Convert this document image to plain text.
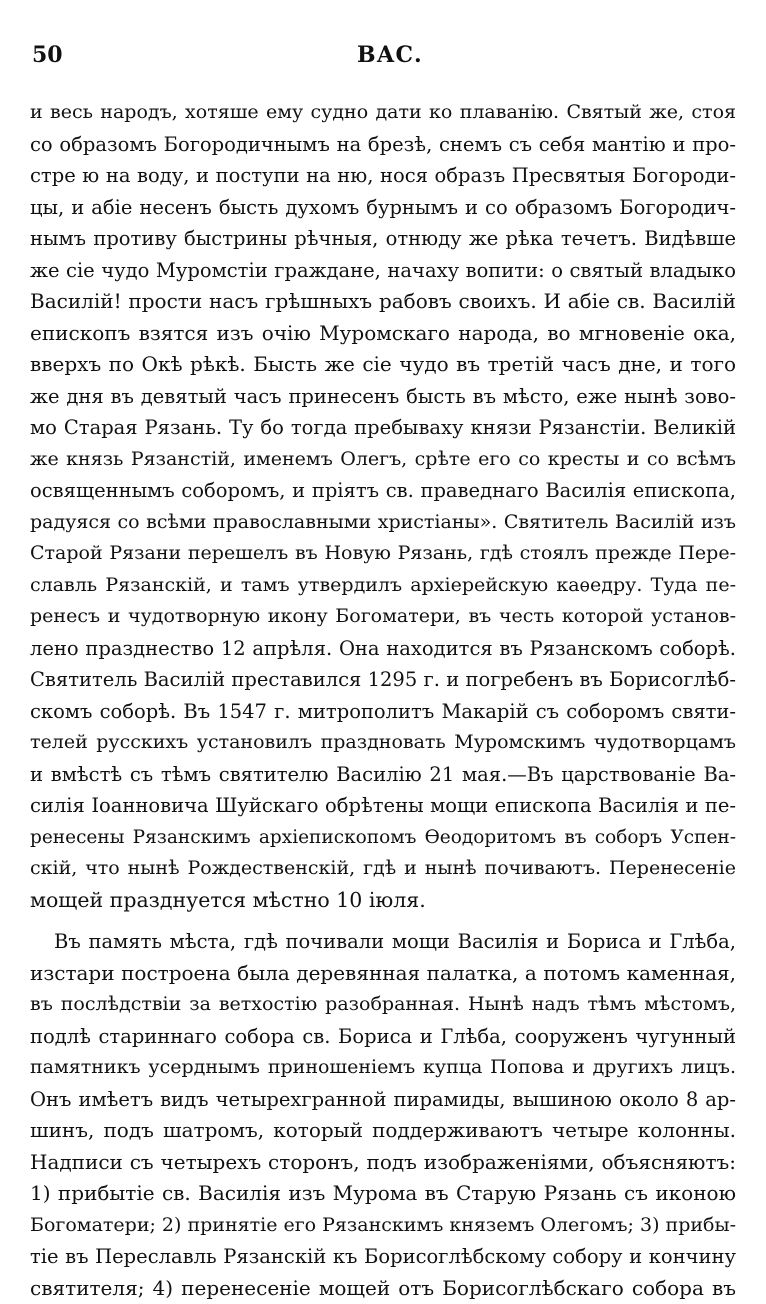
50	ВАС.
и весь народъ, хотяше ему судно дати ко плаванію. Святый же, стоя
со образомъ Богородичнымъ на брезѣ, снемъ съ себя мантію и про-
стре ю на воду, и поступи на ню, нося образъ Пресвятыя Богороди-
цы, и абіе несенъ бысть духомъ бурнымъ и со образомъ Богородич-
нымъ противу быстрины рѣчныя, отнюду же рѣка течетъ. Видѣвше
же сіе чудо Муромстіи граждане, начаху вопити: о святый владыко
Василій! прости насъ грѣшныхъ рабовъ своихъ. И абіе св. Василій
епископъ взятся изъ очію Муромскаго народа, во мгновеніе ока,
вверхъ по Окѣ рѣкѣ. Бысть же сіе чудо въ третій часъ дне, и того
же дня въ девятый часъ принесенъ бысть въ мѣсто, еже нынѣ зово-
мо Старая Рязань. Ту бо тогда пребываху князи Рязанстіи. Великій
же князь Рязанстій, именемъ Олегъ, срѣте его со кресты и со всѣмъ
освященнымъ соборомъ, и пріятъ св. праведнаго Василія епископа,
радуяся со всѣми православными христіаны». Святитель Василій изъ
Старой Рязани перешелъ въ Новую Рязань, гдѣ стоялъ прежде Пере-
славль Рязанскій, и тамъ утвердилъ архіерейскую каѳедру. Туда пе-
ренесъ и чудотворную икону Богоматери, въ честь которой установ-
лено празднество 12 апрѣля. Она находится въ Рязанскомъ соборѣ.
Святитель Василій преставился 1295 г. и погребенъ въ Борисоглѣб-
скомъ соборѣ. Въ 1547 г. митрополитъ Макарій съ соборомъ святи-
телей русскихъ установилъ праздновать Муромскимъ чудотворцамъ
и вмѣстѣ съ тѣмъ святителю Василію 21 мая.—Въ царствованіе Ва-
силія Іоанновича Шуйскаго обрѣтены мощи епископа Василія и пе-
ренесены Рязанскимъ архіепископомъ Ѳеодоритомъ въ соборъ Успен-
скій, что нынѣ Рождественскій, гдѣ и нынѣ почиваютъ. Перенесеніе
мощей празднуется мѣстно 10 іюля.
Въ память мѣста, гдѣ почивали мощи Василія и Бориса и Глѣба,
изстари построена была деревянная палатка, а потомъ каменная,
въ послѣдствіи за ветхостію разобранная. Нынѣ надъ тѣмъ мѣстомъ,
подлѣ стариннаго собора св. Бориса и Глѣба, сооруженъ чугунный
памятникъ усерднымъ приношеніемъ купца Попова и другихъ лицъ.
Онъ имѣетъ видъ четырехгранной пирамиды, вышиною около 8 ар-
шинъ, подъ шатромъ, который поддерживаютъ четыре колонны.
Надписи съ четырехъ сторонъ, подъ изображеніями, объясняютъ:
1) прибытіе св. Василія изъ Мурома въ Старую Рязань съ иконою
Богоматери; 2) принятіе его Рязанскимъ княземъ Олегомъ; 3) прибы-
тіе въ Переславль Рязанскій къ Борисоглѣбскому собору и кончину
святителя; 4) перенесеніе мощей отъ Борисоглѣбскаго собора въ
